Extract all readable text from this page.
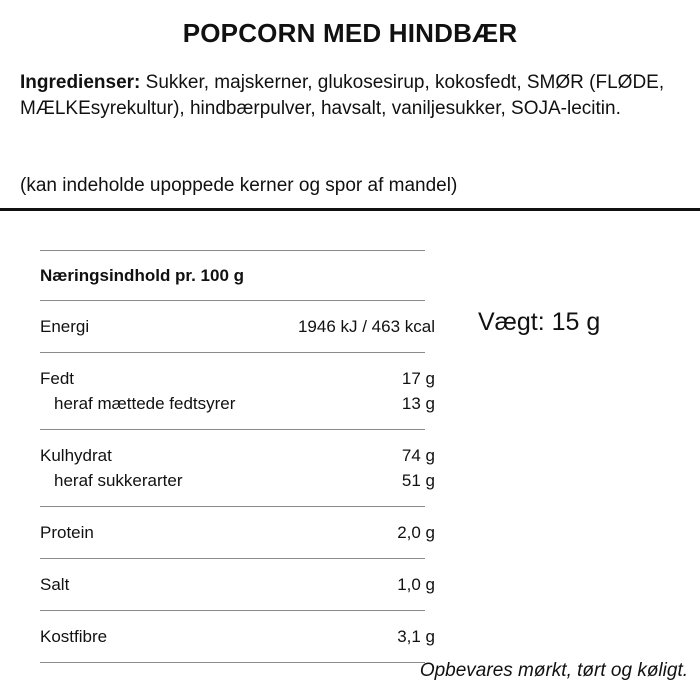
POPCORN MED HINDBÆR
Ingredienser: Sukker, majskerner, glukosesirup, kokosfedt, SMØR (FLØDE, MÆLKEsyrekultur), hindbærpulver, havsalt, vaniljesukker, SOJA-lecitin.
(kan indeholde upoppede kerner og spor af mandel)
Næringsindhold pr. 100 g
Energi	1946 kJ / 463 kcal
Fedt	17 g
heraf mættede fedtsyrer	13 g
Kulhydrat	74 g
heraf sukkerarter	51 g
Protein	2,0 g
Salt	1,0 g
Kostfibre	3,1 g
Vægt: 15 g
Opbevares mørkt, tørt og køligt.
